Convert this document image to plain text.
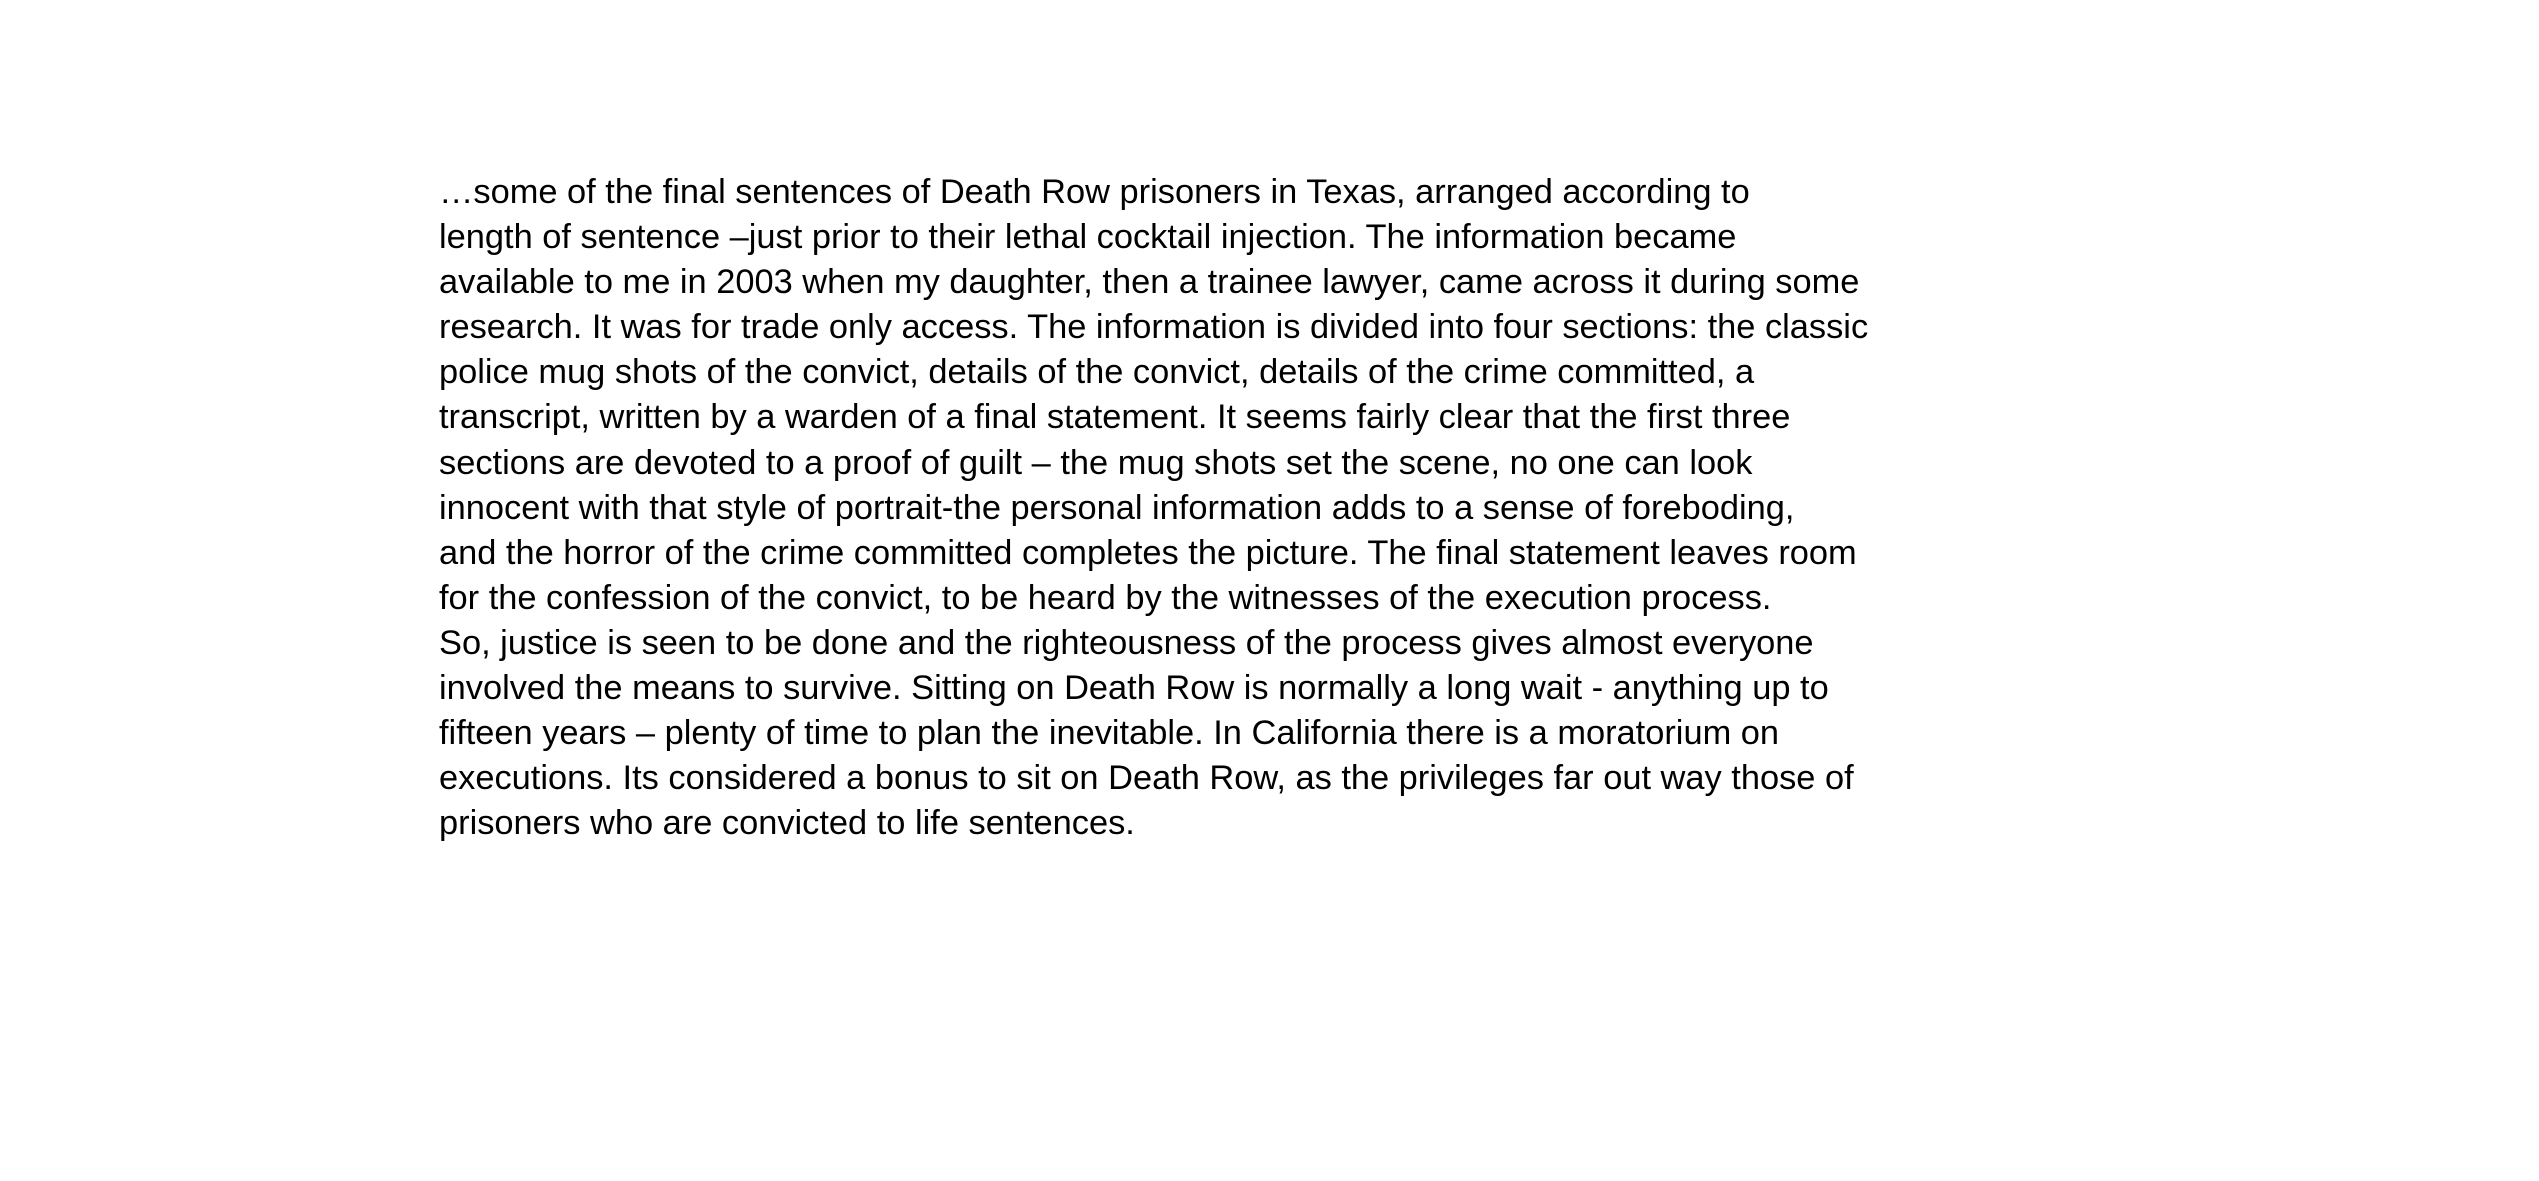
…some of the final sentences of Death Row prisoners in Texas, arranged according to
length of sentence –just prior to their lethal cocktail injection. The information became
available to me in 2003 when my daughter, then a trainee lawyer, came across it during some
research. It was for trade only access. The information is divided into four sections: the classic
police mug shots of the convict, details of the convict, details of the crime committed, a
transcript, written by a warden of a final statement. It seems fairly clear that the first three
sections are devoted to a proof of guilt – the mug shots set the scene, no one can look
innocent with that style of portrait-the personal information adds to a sense of foreboding,
and the horror of the crime committed completes the picture. The final statement leaves room
for the confession of the convict, to be heard by the witnesses of the execution process.
So, justice is seen to be done and the righteousness of the process gives almost everyone
involved the means to survive. Sitting on Death Row is normally a long wait - anything up to
fifteen years – plenty of time to plan the inevitable. In California there is a moratorium on
executions. Its considered a bonus to sit on Death Row, as the privileges far out way those of
prisoners who are convicted to life sentences.
